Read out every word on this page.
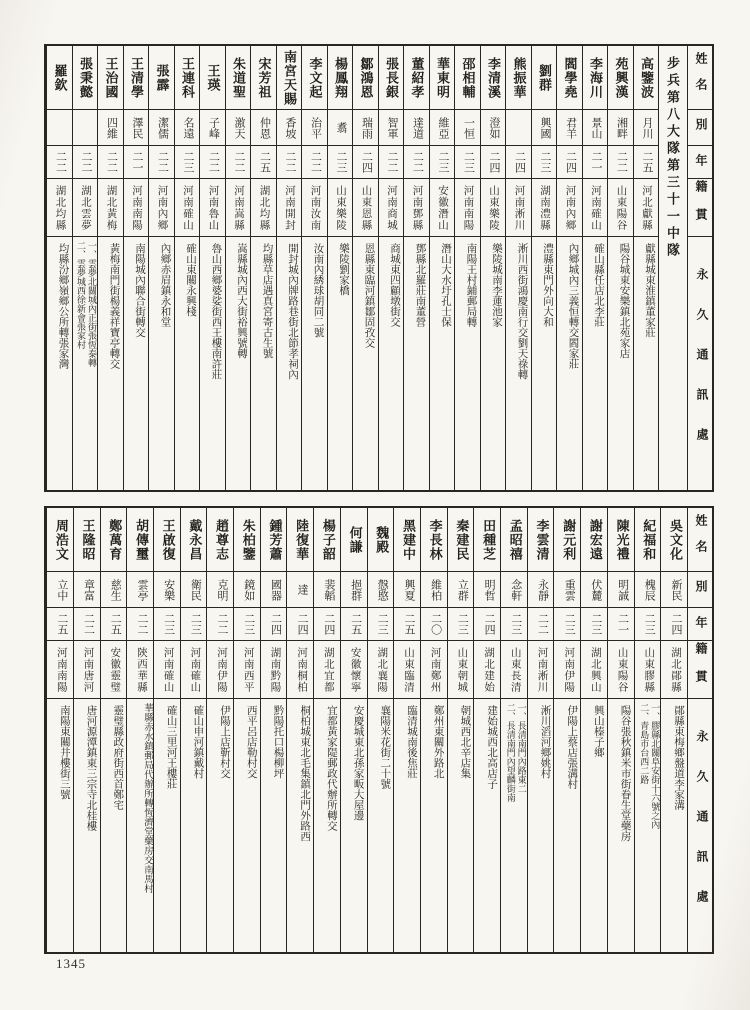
姓名
別
年
籍貫
永久通訊處
步兵第八大隊第三十一中隊
高鑒波
月川
二五
河北獻縣
獻縣城東淮鎮董家莊
苑興漢
湘畔
二二
山東陽谷
陽谷城東安樂鎮北苑家店
李海川
景山
二一
河南確山
確山縣任店北李莊
閻學堯
君羊
二四
河南內鄉
內鄉城內三義恒轉交閻家莊
劉群
興國
二三
湖南澧縣
澧縣東門外向大和
熊振華
二四
河南淅川
淅川西街鴻慶南行交劉天祿轉
李清溪
澄如
二四
山東樂陵
樂陵城南李蓮池家
邵相輔
一恒
二三
河南南陽
南陽王村鋪郵局轉
華東明
維亞
二三
安徽潛山
潛山大水圩孔士保
董紹孝
達道
二二
河南鄧縣
鄧縣北羅莊南董營
張長銀
智軍
二二
河南商城
商城東四顧墩街交
鄒鴻恩
瑞雨
二四
山東恩縣
恩縣東臨河鎮鄒固孜交
楊鳳翔
翥
二三
山東樂陵
樂陵劉家橋
李文起
治平
二二
河南汝南
汝南內綉球胡同二號
南宮天賜
香坡
二二
河南開封
開封城內牌路巷街北節孝祠內
宋芳祖
仲恩
二五
湖北均縣
均縣草店遇真宮寄古生號
朱道聖
激天
二二
河南嵩縣
嵩縣城內西大街裕興號轉
王瑛
子峰
二二
河南魯山
魯山西鄉婆娑街西王樓南許莊
王連科
名遠
二三
河南確山
確山東關永興棧
張霹
潔儒
二二
河南內鄉
內鄉赤眉鎮永和堂
王清學
澤民
二一
河南南陽
南陽城內聯合街轉交
王治國
四維
二二
湖北黃梅
黃梅南門街楊義祥寶亭轉交
張秉懿
二二
湖北雲夢
一、雲夢北關城內正街張恆泰轉
二、雲夢城西徐新會張家村
羅欽
二二
湖北均縣
均縣汾鄉嶺鄉公所轉張家灣
姓名
別
年
籍貫
永久通訊處
吳文化
新民
二四
湖北鄖縣
鄖縣東梅鄉盤道李家溝
紀福和
槐辰
二三
山東膠縣
一、膠縣北關阜安街十六號之內
二、青島市台西二路
陳光禮
明誠
二一
山東陽谷
陽谷張秋鎮米市街眷生堂藥房
謝宏遠
伏麓
二三
湖北興山
興山榛子鄉
謝元利
重雲
二三
河南伊陽
伊陽上蔡店張溝村
李雲清
永靜
二二
河南淅川
淅川滔河鄉姚村
孟昭禧
念軒
二三
山東長清
一、長清南門內路東二
二、長清南門內望麟街南
田種芝
明哲
二四
湖北建始
建始城西北高店子
秦建民
立群
二三
山東朝城
朝城西北辛店集
李長林
維柏
二〇
河南鄭州
鄭州東關外路北
黑建中
興夏
二五
山東臨清
臨清城南後焦莊
魏殿
慤愍
二三
湖北襄陽
襄陽米花街二十號
何謙
挹群
二五
安徽懷寧
安慶城東北孫家畈大屋邊
楊子韶
裴韜
二四
湖北宜都
宜都黃家隄郵政代辦所轉交
陸復華
達
二四
河南桐柏
桐柏城東北毛集鎮北門外路西
鍾芳蕭
國器
二四
湖南黔陽
黔陽托口楊柳坪
朱柏鑒
鏡如
二三
河南西平
西平呂店勒村交
趙尊志
克明
二二
河南伊陽
伊陽上店靳村交
戴永昌
衛民
二三
河南確山
確山申河鎮戴村
王啟復
安樂
二三
河南確山
確山三里河王樓莊
胡傳璽
雲亭
二二
陝西華縣
華縣赤水鎮郵局代辦所轉恆濟堂藥房交南馬村
鄭萬育
慈生
二五
安徽靈璧
靈璧縣政府街西首鄭宅
王隆昭
章富
二二
河南唐河
唐河源潭鎮東三宗寺北桂樓
周浩文
立中
二五
河南南陽
南陽東關井樓街三號
1345
